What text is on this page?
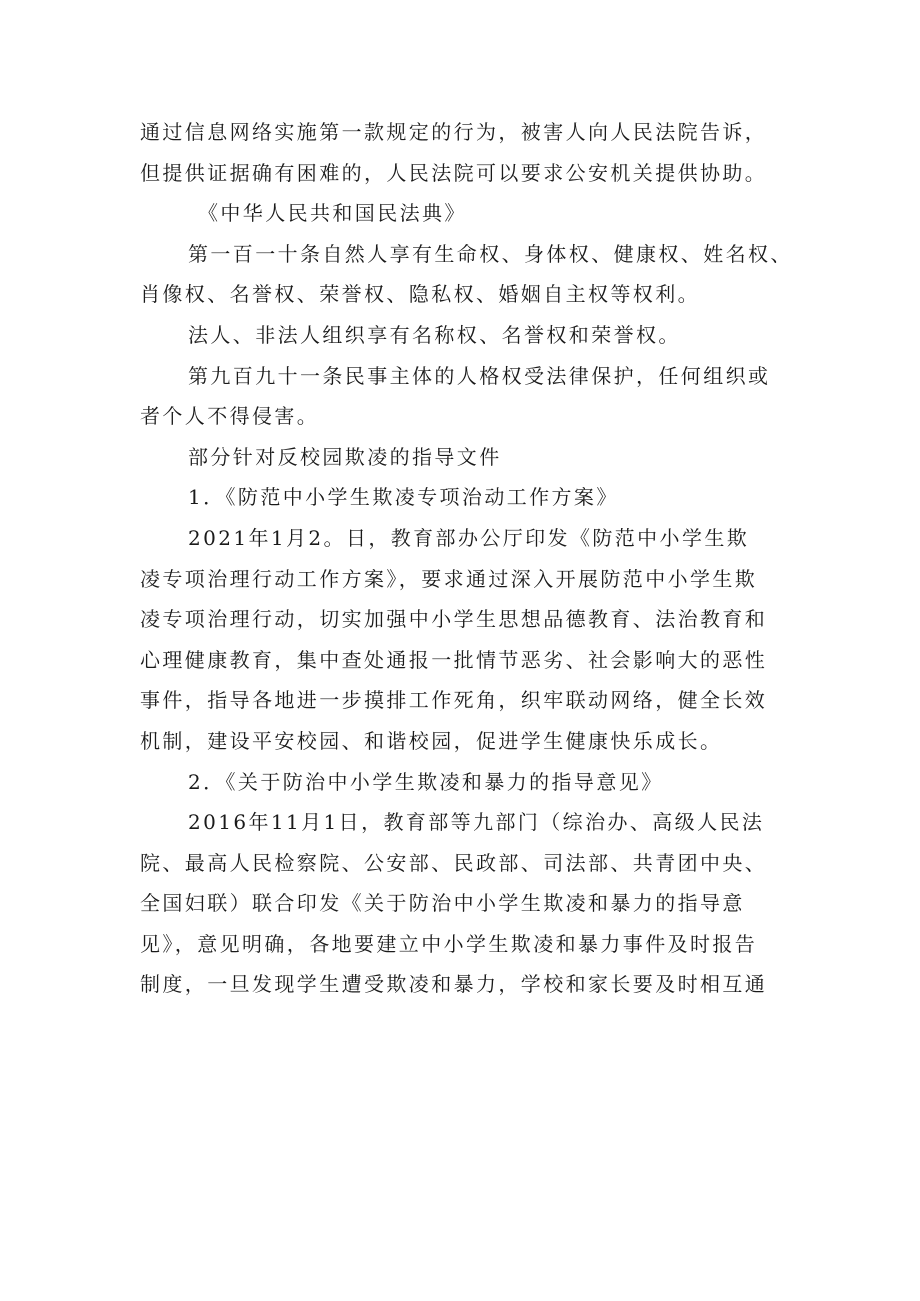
通过信息网络实施第一款规定的行为，被害人向人民法院告诉，

但提供证据确有困难的，人民法院可以要求公安机关提供协助。

《中华人民共和国民法典》

第一百一十条自然人享有生命权、身体权、健康权、姓名权、

肖像权、名誉权、荣誉权、隐私权、婚姻自主权等权利。

法人、非法人组织享有名称权、名誉权和荣誉权。

第九百九十一条民事主体的人格权受法律保护，任何组织或

者个人不得侵害。

部分针对反校园欺凌的指导文件

1．《防范中小学生欺凌专项治动工作方案》

2021年1月2。日，教育部办公厅印发《防范中小学生欺

凌专项治理行动工作方案》，要求通过深入开展防范中小学生欺

凌专项治理行动，切实加强中小学生思想品德教育、法治教育和

心理健康教育，集中查处通报一批情节恶劣、社会影响大的恶性

事件，指导各地进一步摸排工作死角，织牢联动网络，健全长效

机制，建设平安校园、和谐校园，促进学生健康快乐成长。

2．《关于防治中小学生欺凌和暴力的指导意见》

2016年11月1日，教育部等九部门（综治办、高级人民法

院、最高人民检察院、公安部、民政部、司法部、共青团中央、

全国妇联）联合印发《关于防治中小学生欺凌和暴力的指导意

见》，意见明确，各地要建立中小学生欺凌和暴力事件及时报告

制度，一旦发现学生遭受欺凌和暴力，学校和家长要及时相互通
